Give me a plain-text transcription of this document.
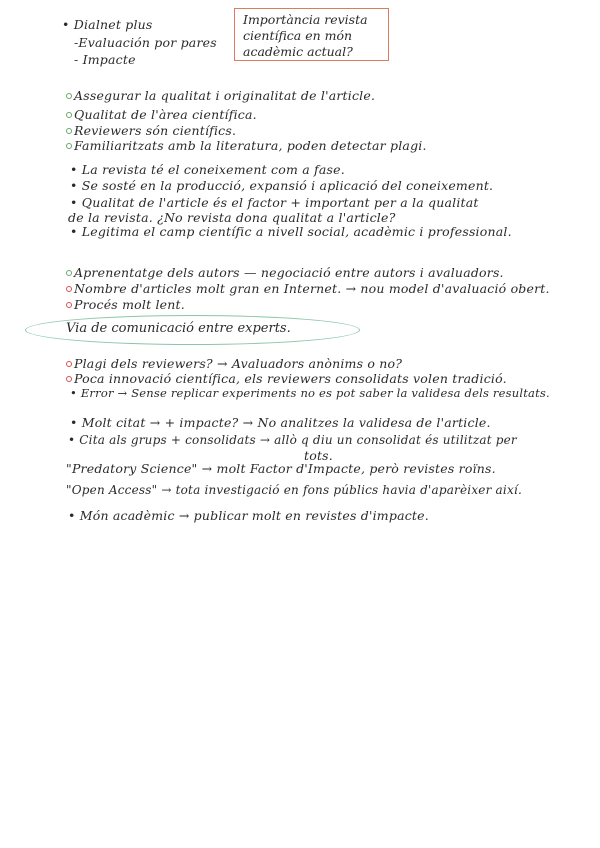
• Dialnet plus
-Evaluación por pares
- Impacte
Importància revista
científica en món
acadèmic actual?
Assegurar la qualitat i originalitat de l'article.
Qualitat de l'àrea científica.
Reviewers són científics.
Familiaritzats amb la literatura, poden detectar plagi.
• La revista té el coneixement com a fase.
• Se sosté en la producció, expansió i aplicació del coneixement.
• Qualitat de l'article és el factor + important per a la qualitat
de la revista. ¿No revista dona qualitat a l'article?
• Legitima el camp científic a nivell social, acadèmic i professional.
Aprenentatge dels autors — negociació entre autors i avaluadors.
Nombre d'articles molt gran en Internet. → nou model d'avaluació obert.
Procés molt lent.
Via de comunicació entre experts.
Plagi dels reviewers? → Avaluadors anònims o no?
Poca innovació científica, els reviewers consolidats volen tradició.
• Error → Sense replicar experiments no es pot saber la validesa dels resultats.
• Molt citat → + impacte? → No analitzes la validesa de l'article.
• Cita als grups + consolidats → allò q diu un consolidat és utilitzat per
tots.
"Predatory Science" → molt Factor d'Impacte, però revistes roïns.
"Open Access" → tota investigació en fons públics havia d'aparèixer així.
• Món acadèmic → publicar molt en revistes d'impacte.
